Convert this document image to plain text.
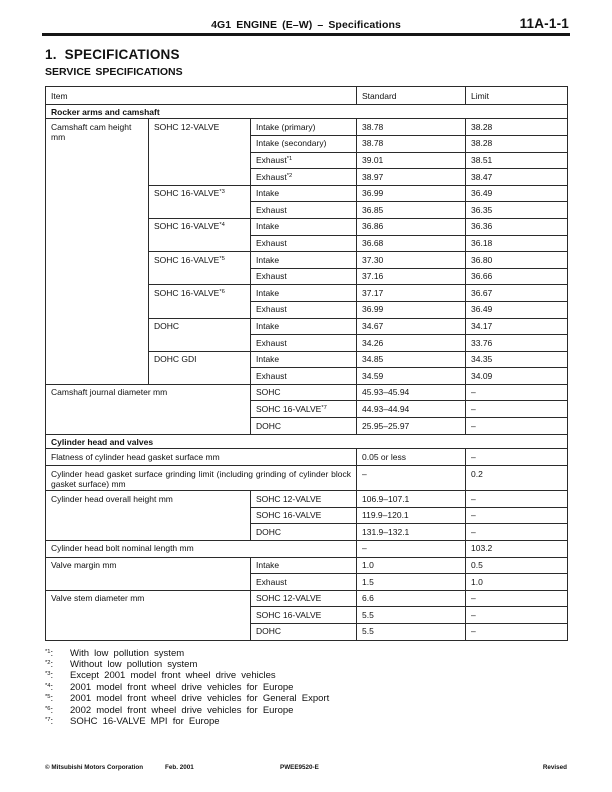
4G1 ENGINE (E–W) – Specifications	11A-1-1
1. SPECIFICATIONS
SERVICE SPECIFICATIONS
Item			Standard	Limit
Rocker arms and camshaft				
Camshaft cam height mm	SOHC 12-VALVE	Intake (primary)	38.78	38.28
		Intake (secondary)	38.78	38.28
		Exhaust$^{*1}$	39.01	38.51
		Exhaust$^{*2}$	38.97	38.47
	SOHC 16-VALVE$^{*3}$	Intake	36.99	36.49
		Exhaust	36.85	36.35
	SOHC 16-VALVE$^{*4}$	Intake	36.86	36.36
		Exhaust	36.68	36.18
	SOHC 16-VALVE$^{*5}$	Intake	37.30	36.80
		Exhaust	37.16	36.66
	SOHC 16-VALVE$^{*6}$	Intake	37.17	36.67
		Exhaust	36.99	36.49
	DOHC	Intake	34.67	34.17
		Exhaust	34.26	33.76
	DOHC GDI	Intake	34.85	34.35
		Exhaust	34.59	34.09
Camshaft journal diameter mm		SOHC	45.93–45.94	–
		SOHC 16-VALVE$^{*7}$	44.93–44.94	–
		DOHC	25.95–25.97	–
Cylinder head and valves				
Flatness of cylinder head gasket surface mm			0.05 or less	–
Cylinder head gasket surface grinding limit (including grinding of cylinder block gasket surface) mm			–	0.2
Cylinder head overall height mm		SOHC 12-VALVE	106.9–107.1	–
		SOHC 16-VALVE	119.9–120.1	–
		DOHC	131.9–132.1	–
Cylinder head bolt nominal length mm			–	103.2
Valve margin mm		Intake	1.0	0.5
		Exhaust	1.5	1.0
Valve stem diameter mm		SOHC 12-VALVE	6.6	–
		SOHC 16-VALVE	5.5	–
		DOHC	5.5	–
$^{*1}$:	With low pollution system
$^{*2}$:	Without low pollution system
$^{*3}$:	Except 2001 model front wheel drive vehicles
$^{*4}$:	2001 model front wheel drive vehicles for Europe
$^{*5}$:	2001 model front wheel drive vehicles for General Export
$^{*6}$:	2002 model front wheel drive vehicles for Europe
$^{*7}$:	SOHC 16-VALVE MPI for Europe
© Mitsubishi Motors Corporation	Feb. 2001	PWEE9520-E	Revised
